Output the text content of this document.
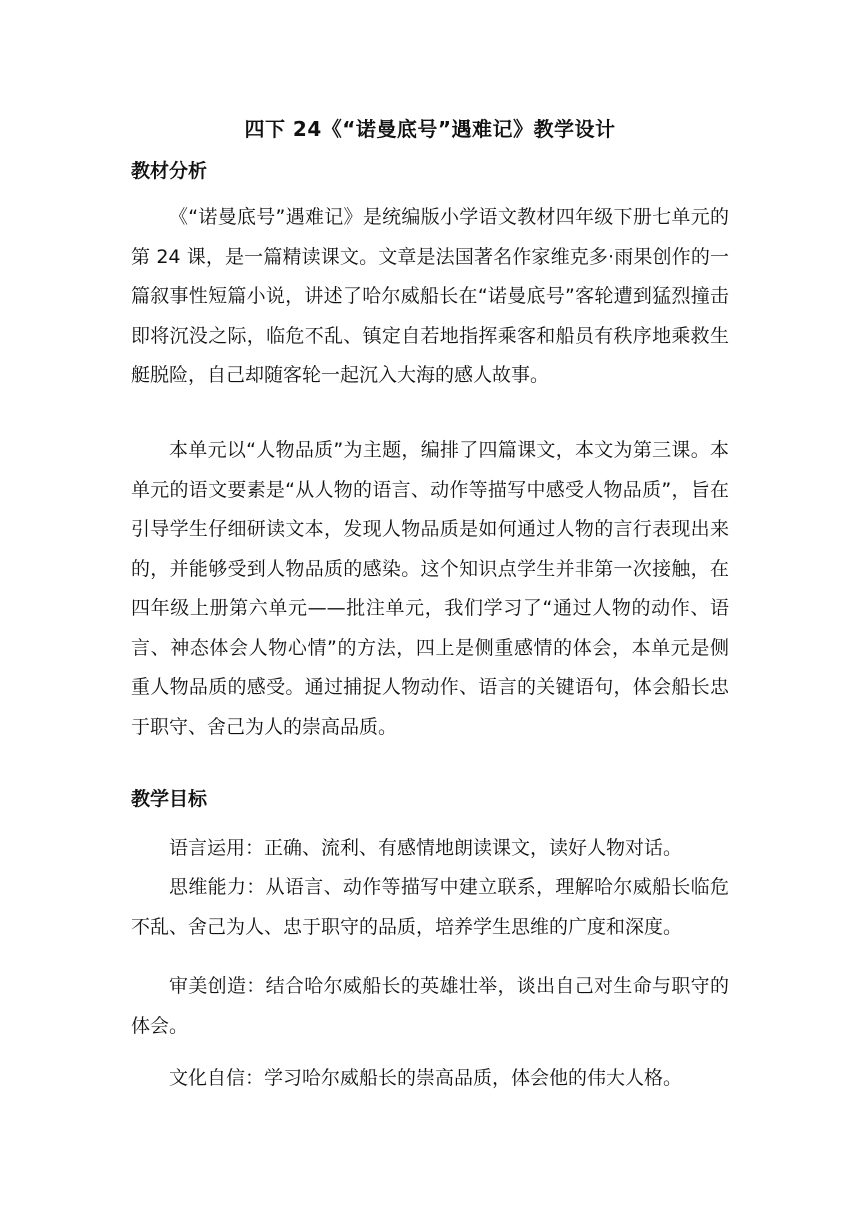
四下 24《“诺曼底号”遇难记》教学设计
教材分析
《“诺曼底号”遇难记》是统编版小学语文教材四年级下册七单元的第 24 课，是一篇精读课文。文章是法国著名作家维克多·雨果创作的一篇叙事性短篇小说，讲述了哈尔威船长在“诺曼底号”客轮遭到猛烈撞击即将沉没之际，临危不乱、镇定自若地指挥乘客和船员有秩序地乘救生艇脱险，自己却随客轮一起沉入大海的感人故事。
本单元以“人物品质”为主题，编排了四篇课文，本文为第三课。本单元的语文要素是“从人物的语言、动作等描写中感受人物品质”，旨在引导学生仔细研读文本，发现人物品质是如何通过人物的言行表现出来的，并能够受到人物品质的感染。这个知识点学生并非第一次接触，在四年级上册第六单元——批注单元，我们学习了“通过人物的动作、语言、神态体会人物心情”的方法，四上是侧重感情的体会，本单元是侧重人物品质的感受。通过捕捉人物动作、语言的关键语句，体会船长忠于职守、舍己为人的崇高品质。
教学目标
语言运用：正确、流利、有感情地朗读课文，读好人物对话。
思维能力：从语言、动作等描写中建立联系，理解哈尔威船长临危不乱、舍己为人、忠于职守的品质，培养学生思维的广度和深度。
审美创造：结合哈尔威船长的英雄壮举，谈出自己对生命与职守的体会。
文化自信：学习哈尔威船长的崇高品质，体会他的伟大人格。
